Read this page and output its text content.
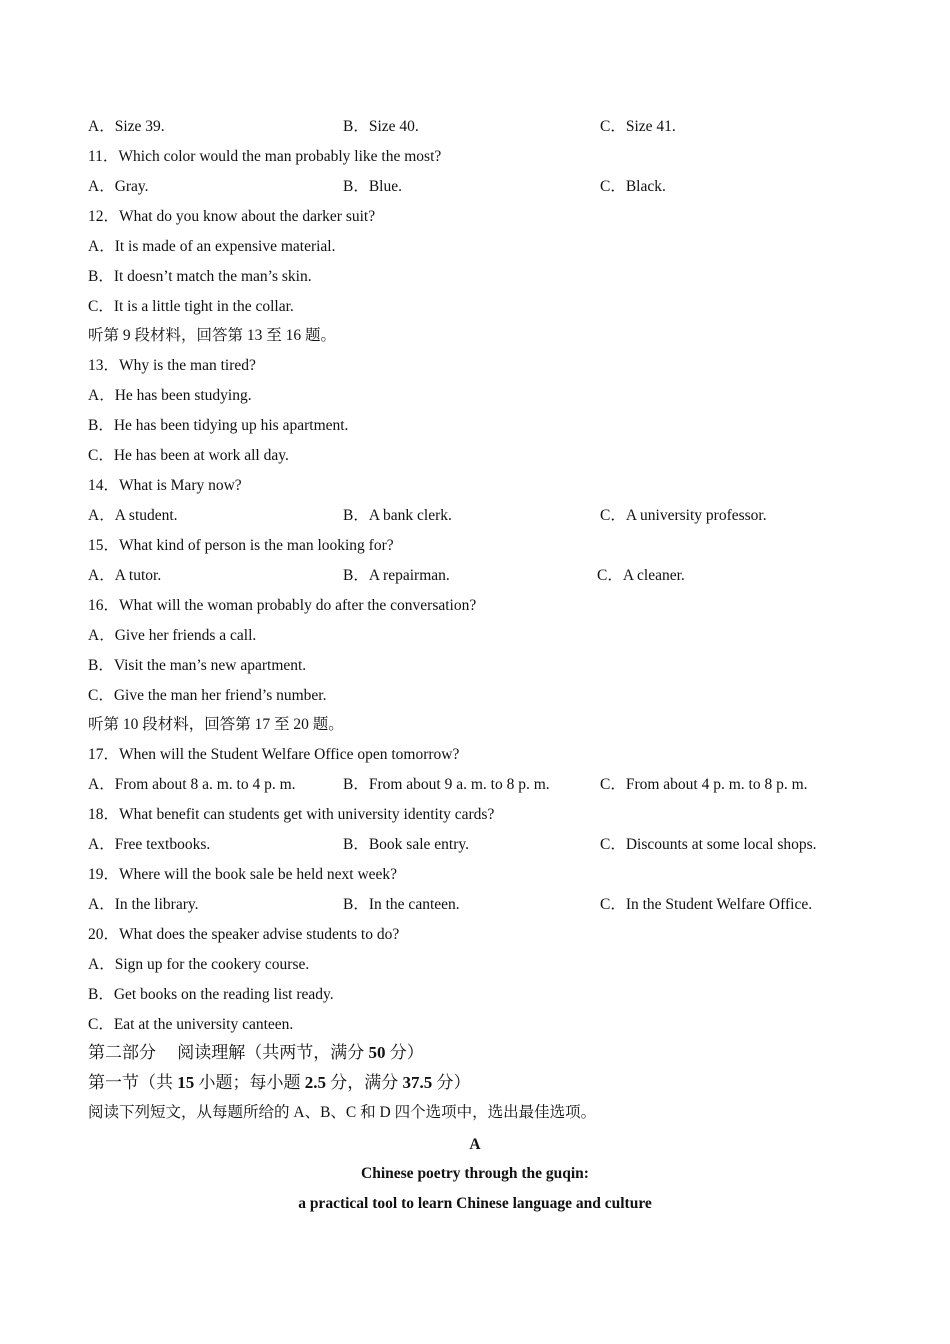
A．Size 39.	B．Size 40.	C．Size 41.
11．Which color would the man probably like the most?
A．Gray.	B．Blue.	C．Black.
12．What do you know about the darker suit?
A．It is made of an expensive material.
B．It doesn’t match the man’s skin.
C．It is a little tight in the collar.
听第 9 段材料，回答第 13 至 16 题。
13．Why is the man tired?
A．He has been studying.
B．He has been tidying up his apartment.
C．He has been at work all day.
14．What is Mary now?
A．A student.	B．A bank clerk.	C．A university professor.
15．What kind of person is the man looking for?
A．A tutor.	B．A repairman.	C．A cleaner.
16．What will the woman probably do after the conversation?
A．Give her friends a call.
B．Visit the man’s new apartment.
C．Give the man her friend’s number.
听第 10 段材料，回答第 17 至 20 题。
17．When will the Student Welfare Office open tomorrow?
A．From about 8 a. m. to 4 p. m.	B．From about 9 a. m. to 8 p. m.	C．From about 4 p. m. to 8 p. m.
18．What benefit can students get with university identity cards?
A．Free textbooks.	B．Book sale entry.	C．Discounts at some local shops.
19．Where will the book sale be held next week?
A．In the library.	B．In the canteen.	C．In the Student Welfare Office.
20．What does the speaker advise students to do?
A．Sign up for the cookery course.
B．Get books on the reading list ready.
C．Eat at the university canteen.
第二部分　 阅读理解（共两节，满分 50 分）
第一节（共 15 小题；每小题 2.5 分，满分 37.5 分）
阅读下列短文，从每题所给的 A、B、C 和 D 四个选项中，选出最佳选项。
A
Chinese poetry through the guqin:
a practical tool to learn Chinese language and culture
